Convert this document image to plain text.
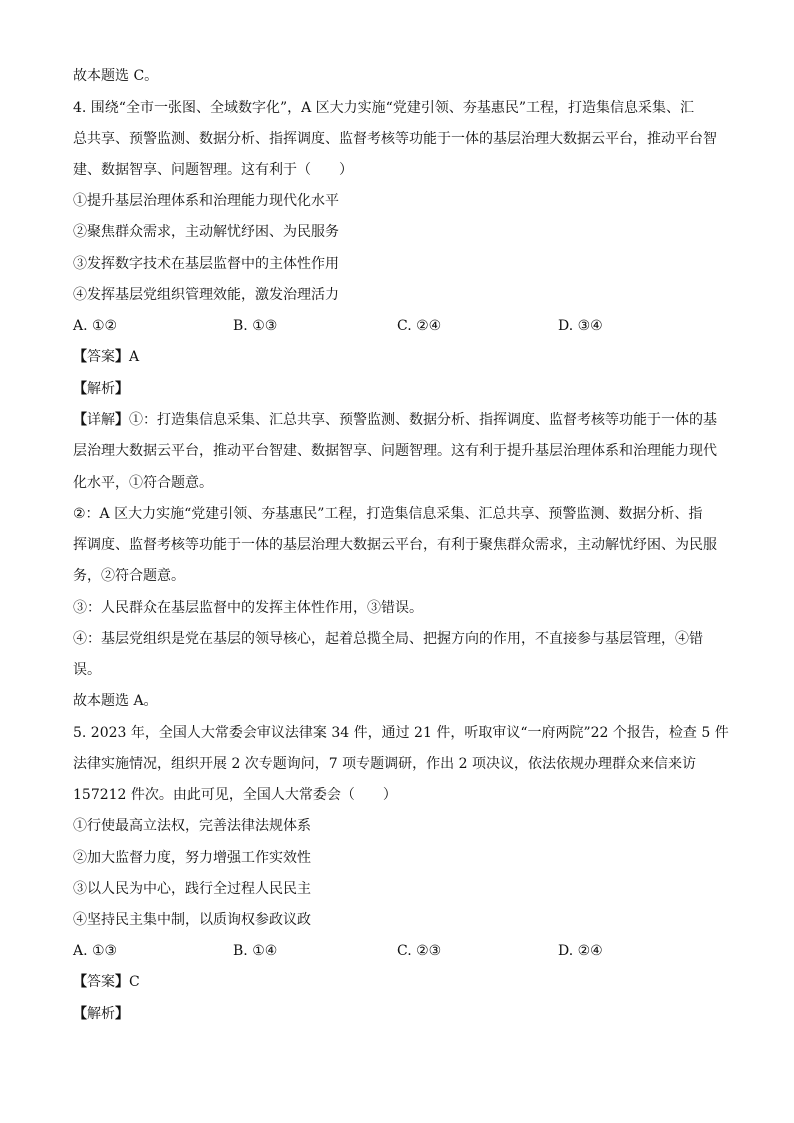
故本题选 C。
4. 围绕“全市一张图、全域数字化”，A 区大力实施“党建引领、夯基惠民”工程，打造集信息采集、汇
总共享、预警监测、数据分析、指挥调度、监督考核等功能于一体的基层治理大数据云平台，推动平台智
建、数据智享、问题智理。这有利于（　　）
①提升基层治理体系和治理能力现代化水平
②聚焦群众需求，主动解忧纾困、为民服务
③发挥数字技术在基层监督中的主体性作用
④发挥基层党组织管理效能，激发治理活力
A. ①②	B. ①③	C. ②④	D. ③④
【答案】A
【解析】
【详解】①：打造集信息采集、汇总共享、预警监测、数据分析、指挥调度、监督考核等功能于一体的基
层治理大数据云平台，推动平台智建、数据智享、问题智理。这有利于提升基层治理体系和治理能力现代
化水平，①符合题意。
②：A 区大力实施“党建引领、夯基惠民”工程，打造集信息采集、汇总共享、预警监测、数据分析、指
挥调度、监督考核等功能于一体的基层治理大数据云平台，有利于聚焦群众需求，主动解忧纾困、为民服
务，②符合题意。
③：人民群众在基层监督中的发挥主体性作用，③错误。
④：基层党组织是党在基层的领导核心，起着总揽全局、把握方向的作用，不直接参与基层管理，④错
误。
故本题选 A。
5. 2023 年，全国人大常委会审议法律案 34 件，通过 21 件，听取审议“一府两院”22 个报告，检查 5 件
法律实施情况，组织开展 2 次专题询问，7 项专题调研，作出 2 项决议，依法依规办理群众来信来访
157212 件次。由此可见，全国人大常委会（　　）
①行使最高立法权，完善法律法规体系
②加大监督力度，努力增强工作实效性
③以人民为中心，践行全过程人民民主
④坚持民主集中制，以质询权参政议政
A. ①③	B. ①④	C. ②③	D. ②④
【答案】C
【解析】
